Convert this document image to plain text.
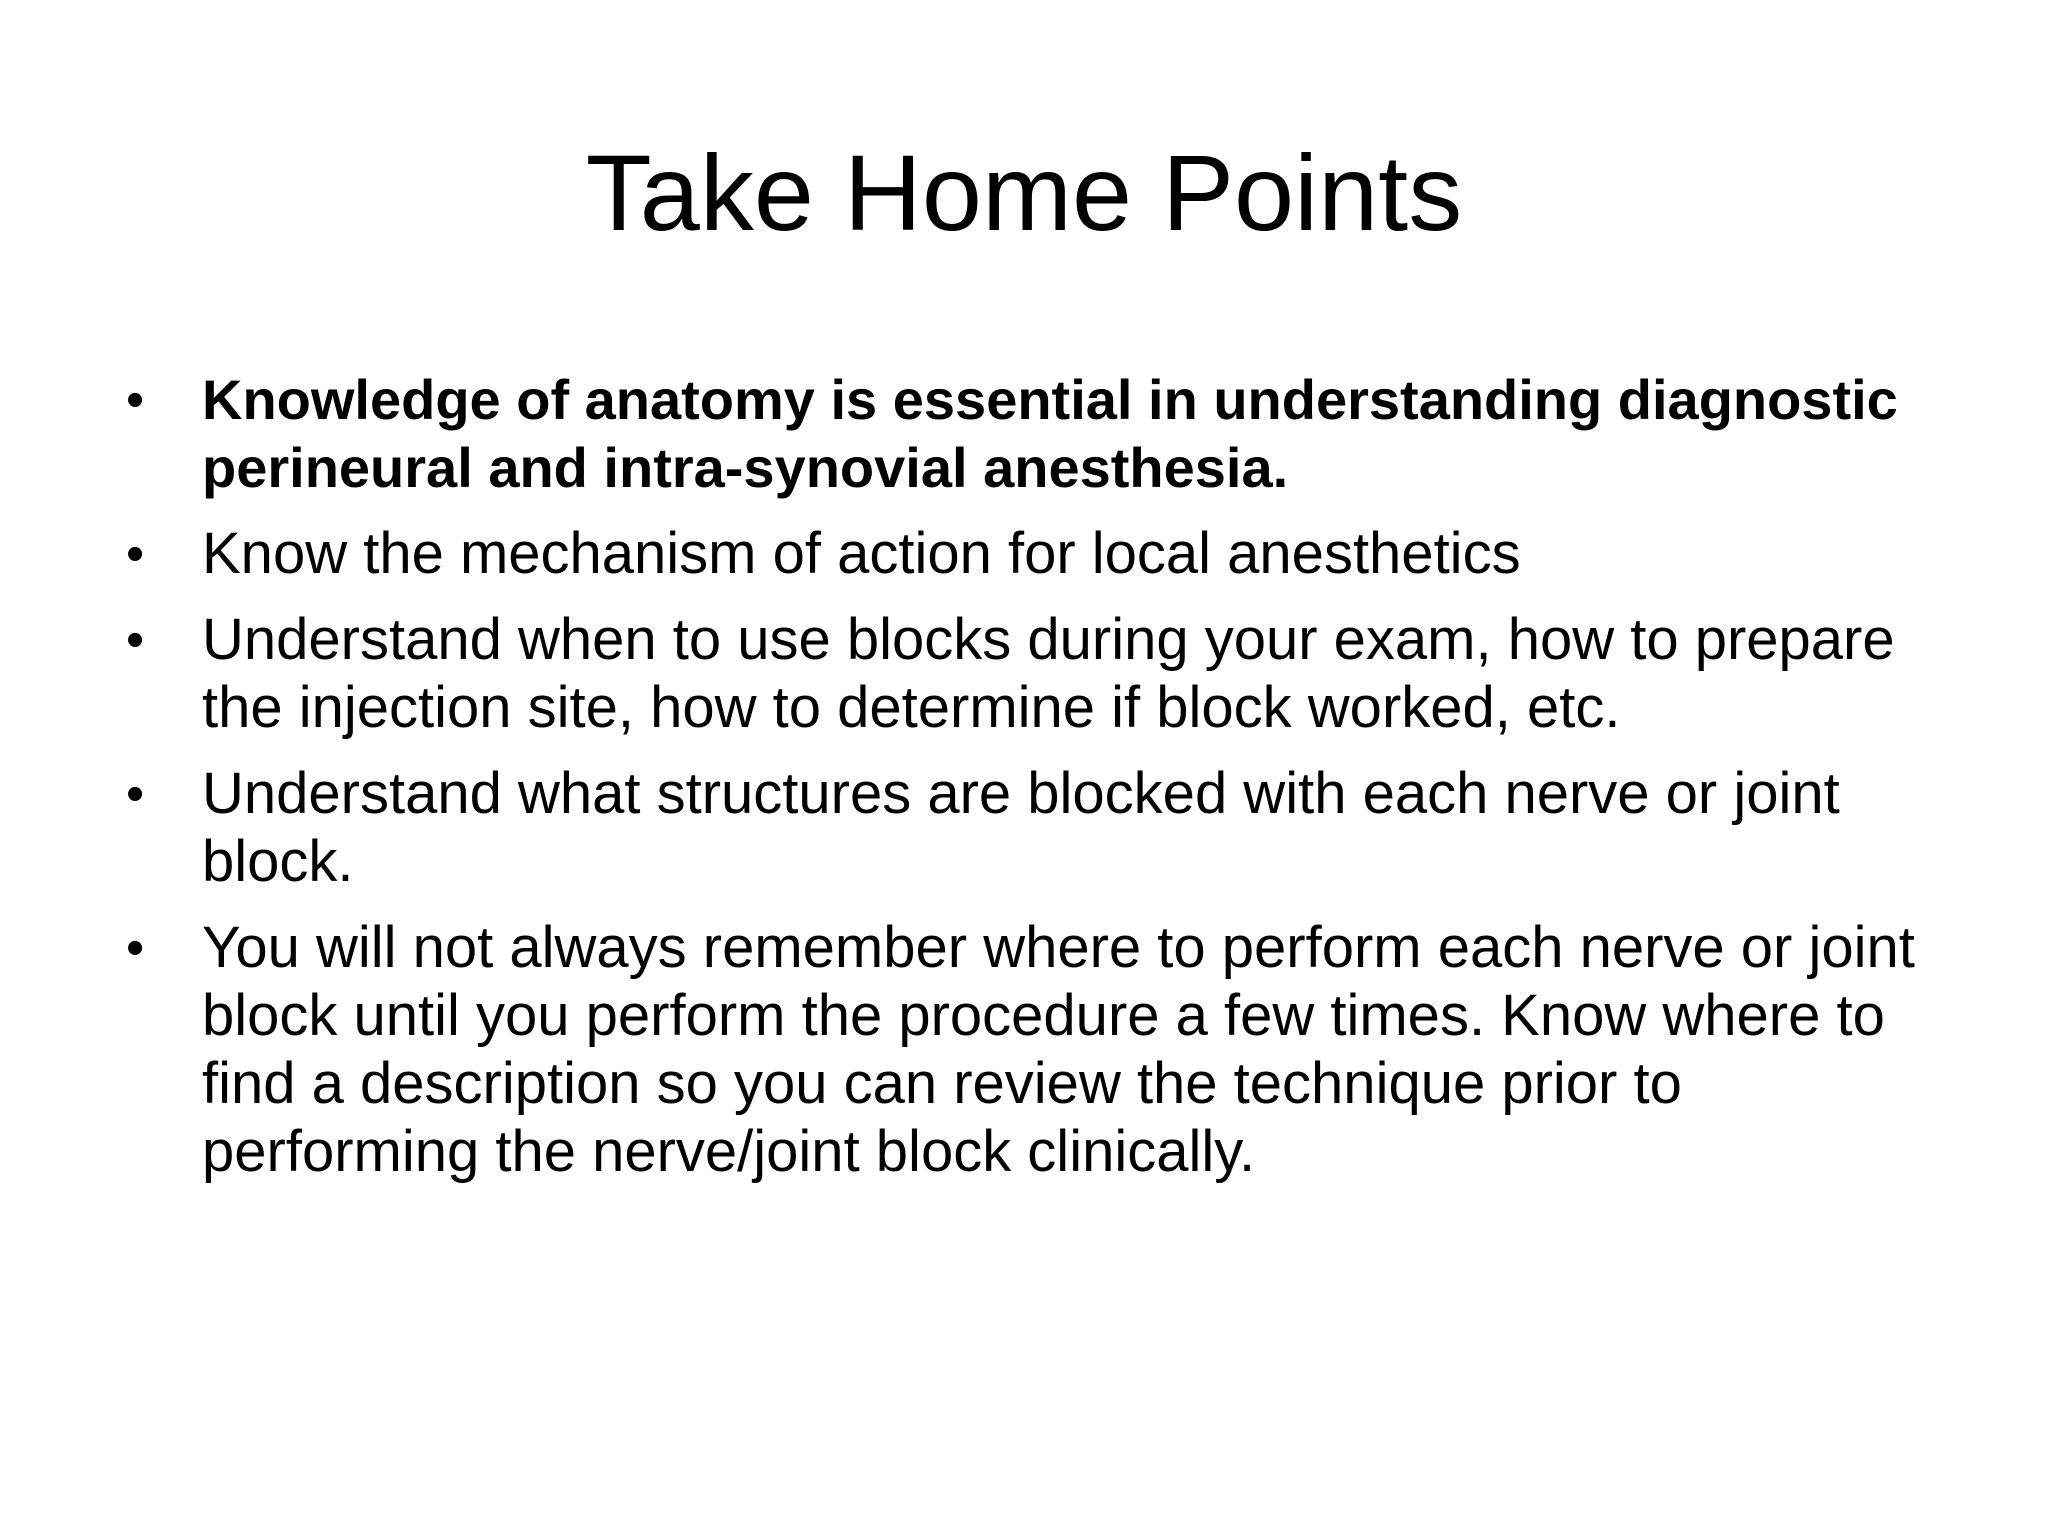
Take Home Points
• Knowledge of anatomy is essential in understanding diagnostic perineural and intra-synovial anesthesia.
• Know the mechanism of action for local anesthetics
• Understand when to use blocks during your exam, how to prepare the injection site, how to determine if block worked, etc.
• Understand what structures are blocked with each nerve or joint block.
• You will not always remember where to perform each nerve or joint block until you perform the procedure a few times. Know where to find a description so you can review the technique prior to performing the nerve/joint block clinically.
